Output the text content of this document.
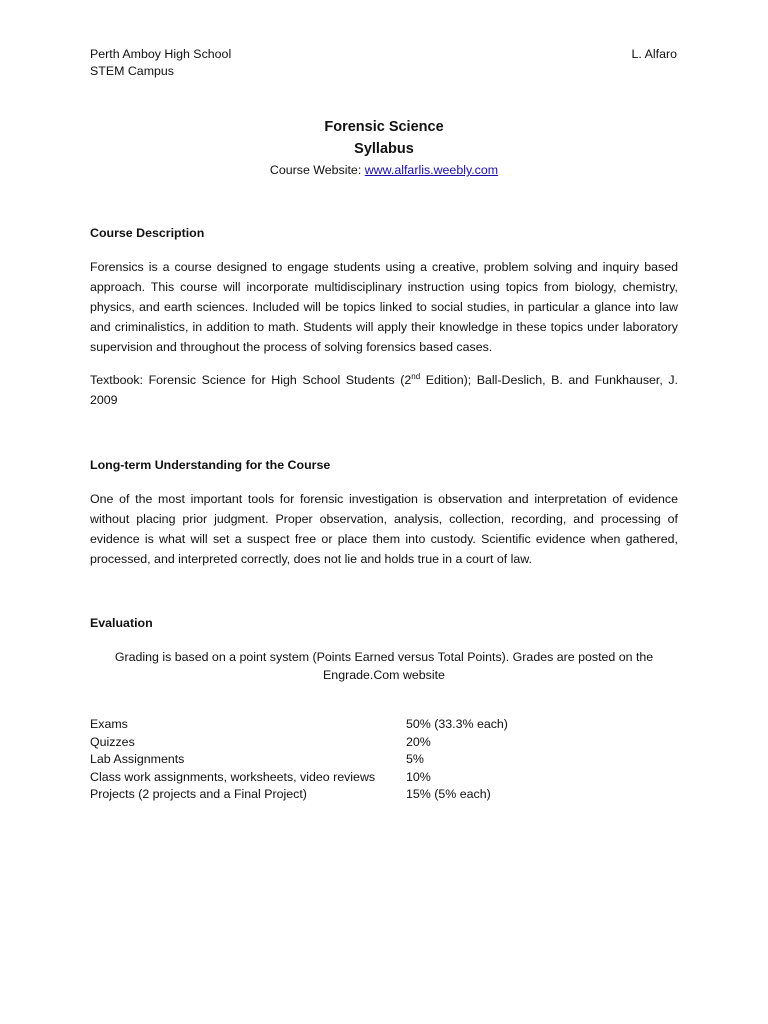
Perth Amboy High School
STEM Campus
L. Alfaro
Forensic Science
Syllabus
Course Website: www.alfarlis.weebly.com
Course Description

Forensics is a course designed to engage students using a creative, problem solving and inquiry based approach. This course will incorporate multidisciplinary instruction using topics from biology, chemistry, physics, and earth sciences. Included will be topics linked to social studies, in particular a glance into law and criminalistics, in addition to math. Students will apply their knowledge in these topics under laboratory supervision and throughout the process of solving forensics based cases.

Textbook: Forensic Science for High School Students (2nd Edition); Ball-Deslich, B. and Funkhauser, J. 2009

Long-term Understanding for the Course

One of the most important tools for forensic investigation is observation and interpretation of evidence without placing prior judgment. Proper observation, analysis, collection, recording, and processing of evidence is what will set a suspect free or place them into custody. Scientific evidence when gathered, processed, and interpreted correctly, does not lie and holds true in a court of law.

Evaluation
Grading is based on a point system (Points Earned versus Total Points). Grades are posted on the
Engrade.Com website
Exams	50% (33.3% each)
Quizzes	20%
Lab Assignments	5%
Class work assignments, worksheets, video reviews	10%
Projects (2 projects and a Final Project)	15% (5% each)
